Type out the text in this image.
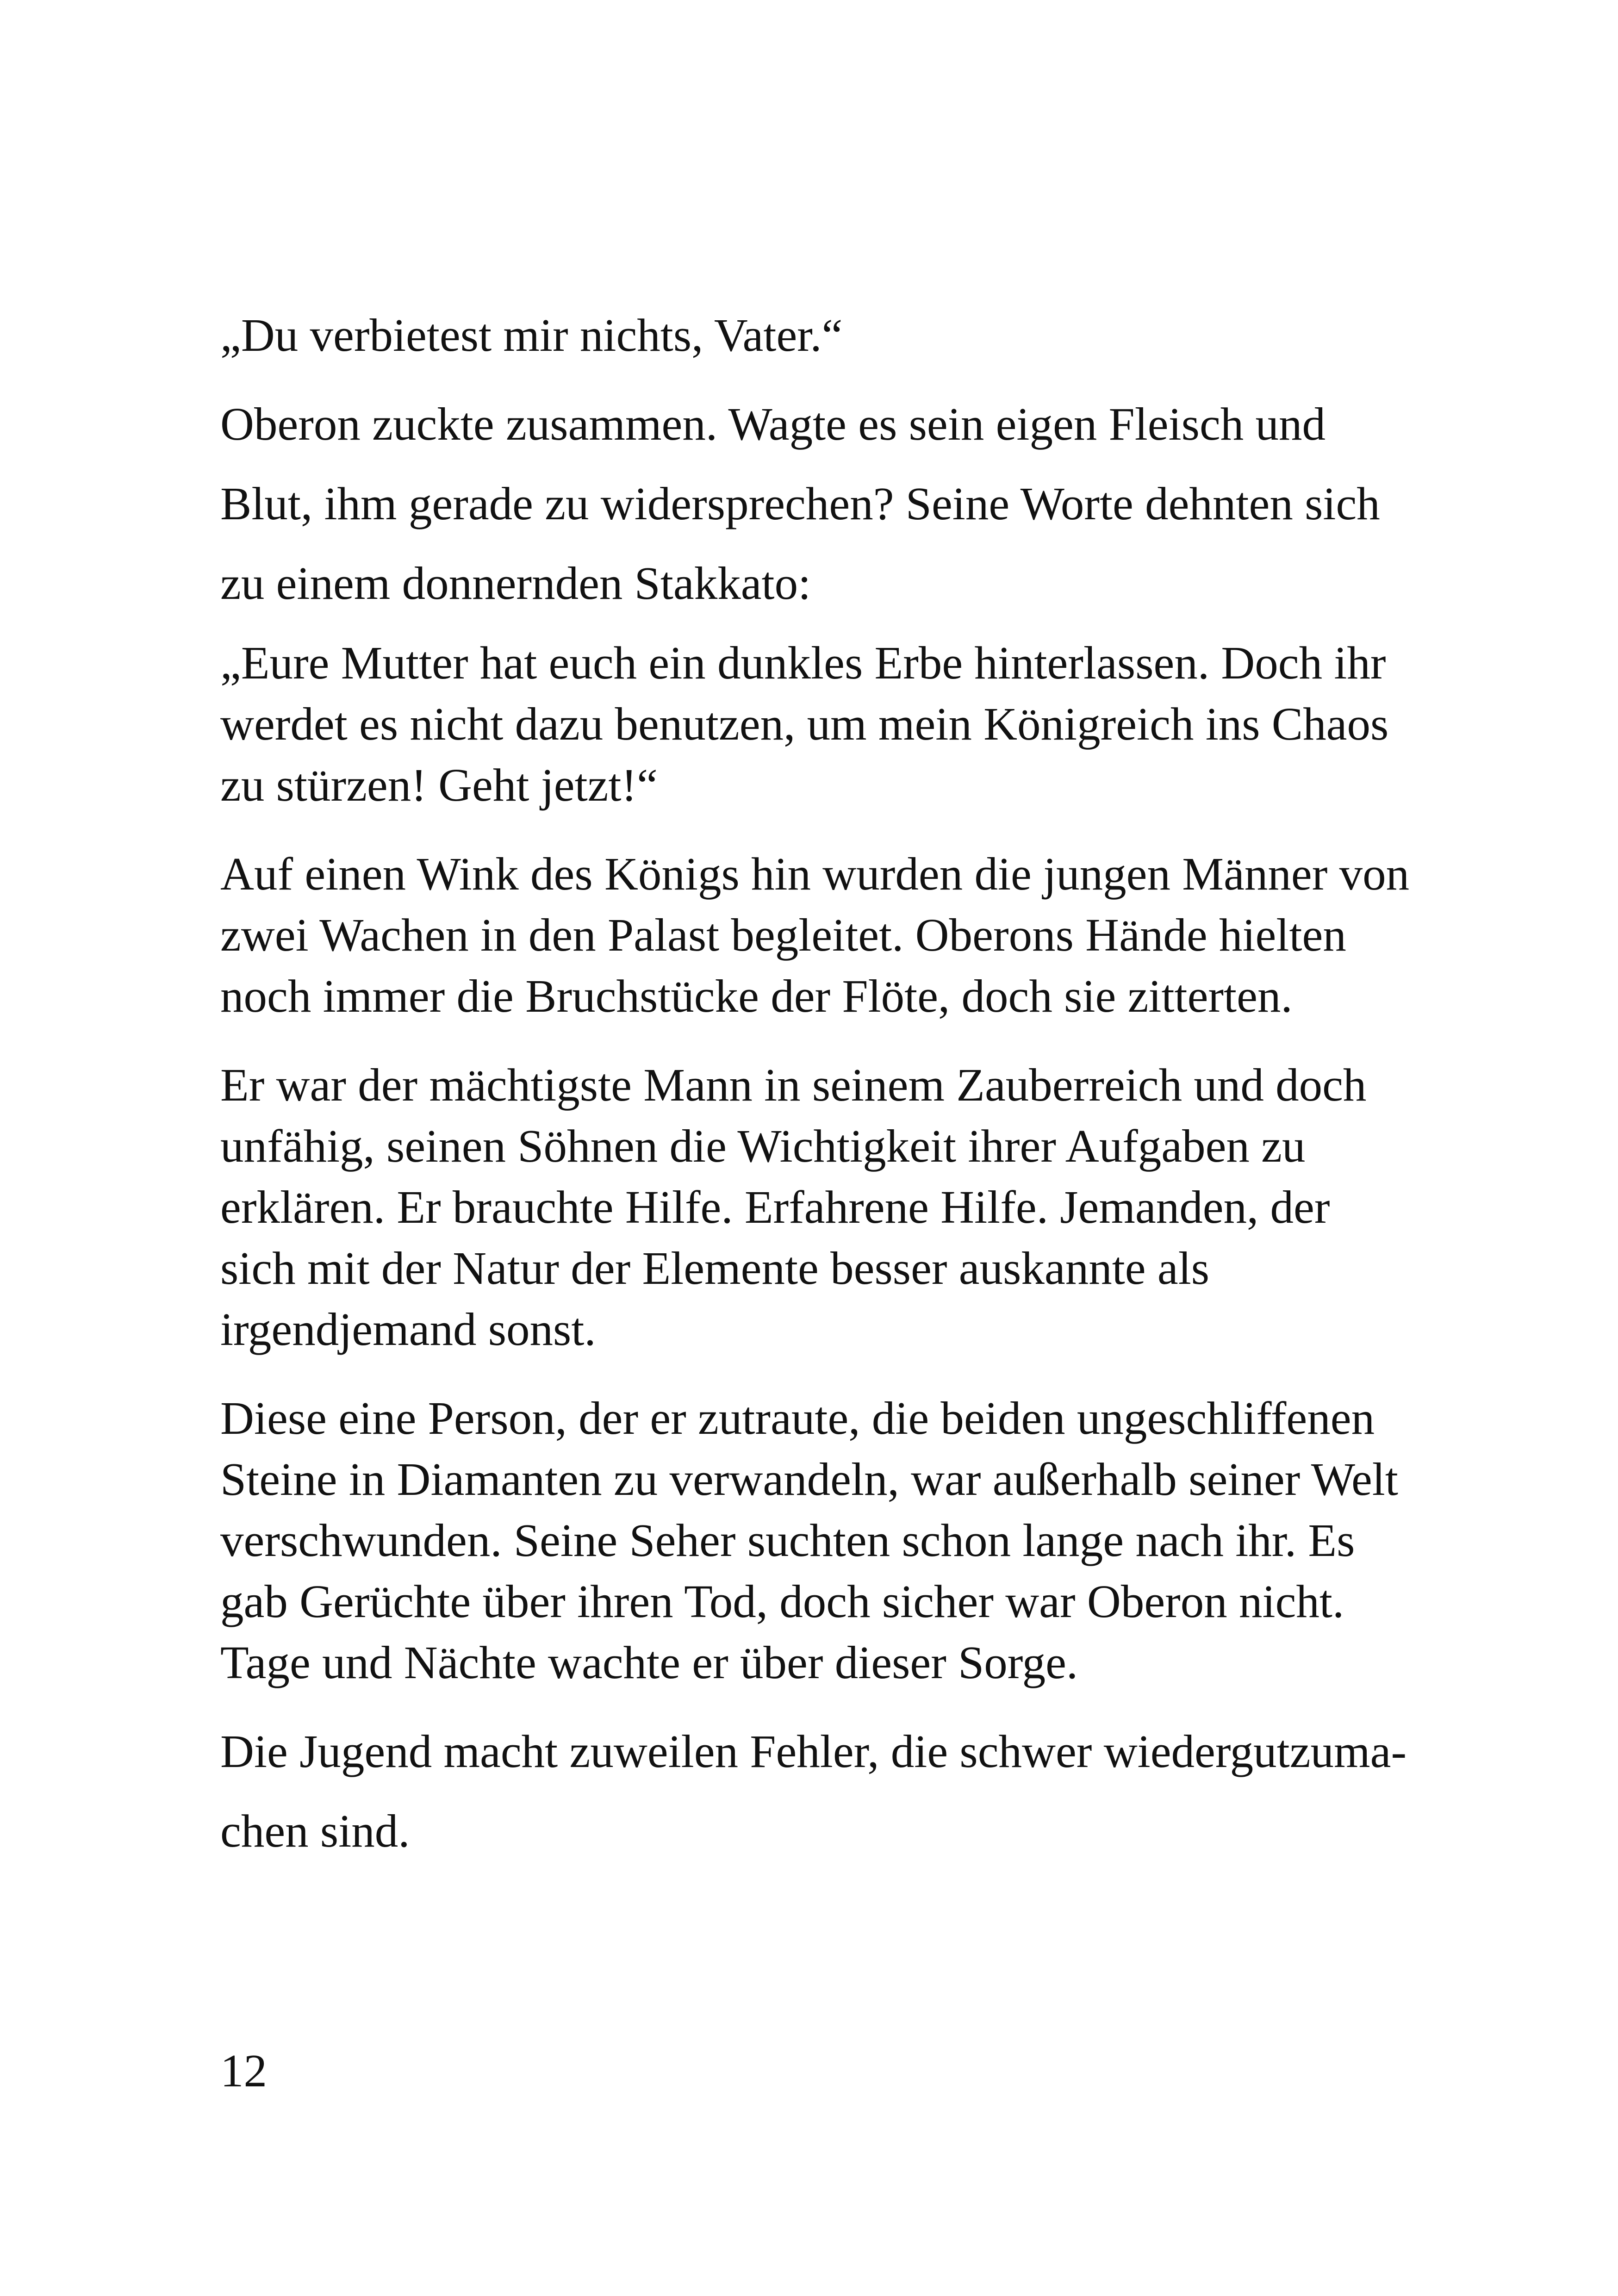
„Du verbietest mir nichts, Vater.“

Oberon zuckte zusammen. Wagte es sein eigen Fleisch und

Blut, ihm gerade zu widersprechen? Seine Worte dehnten sich

zu einem donnernden Stakkato:

„Eure Mutter hat euch ein dunkles Erbe hinterlassen. Doch ihr

werdet es nicht dazu benutzen, um mein Königreich ins Chaos

zu stürzen! Geht jetzt!“

Auf einen Wink des Königs hin wurden die jungen Männer von

zwei Wachen in den Palast begleitet. Oberons Hände hielten

noch immer die Bruchstücke der Flöte, doch sie zitterten.

Er war der mächtigste Mann in seinem Zauberreich und doch

unfähig, seinen Söhnen die Wichtigkeit ihrer Aufgaben zu

erklären. Er brauchte Hilfe. Erfahrene Hilfe. Jemanden, der

sich mit der Natur der Elemente besser auskannte als

irgendjemand sonst.

Diese eine Person, der er zutraute, die beiden ungeschliffenen

Steine in Diamanten zu verwandeln, war außerhalb seiner Welt

verschwunden. Seine Seher suchten schon lange nach ihr. Es

gab Gerüchte über ihren Tod, doch sicher war Oberon nicht.

Tage und Nächte wachte er über dieser Sorge.

Die Jugend macht zuweilen Fehler, die schwer wiedergutzuma-

chen sind.

12
